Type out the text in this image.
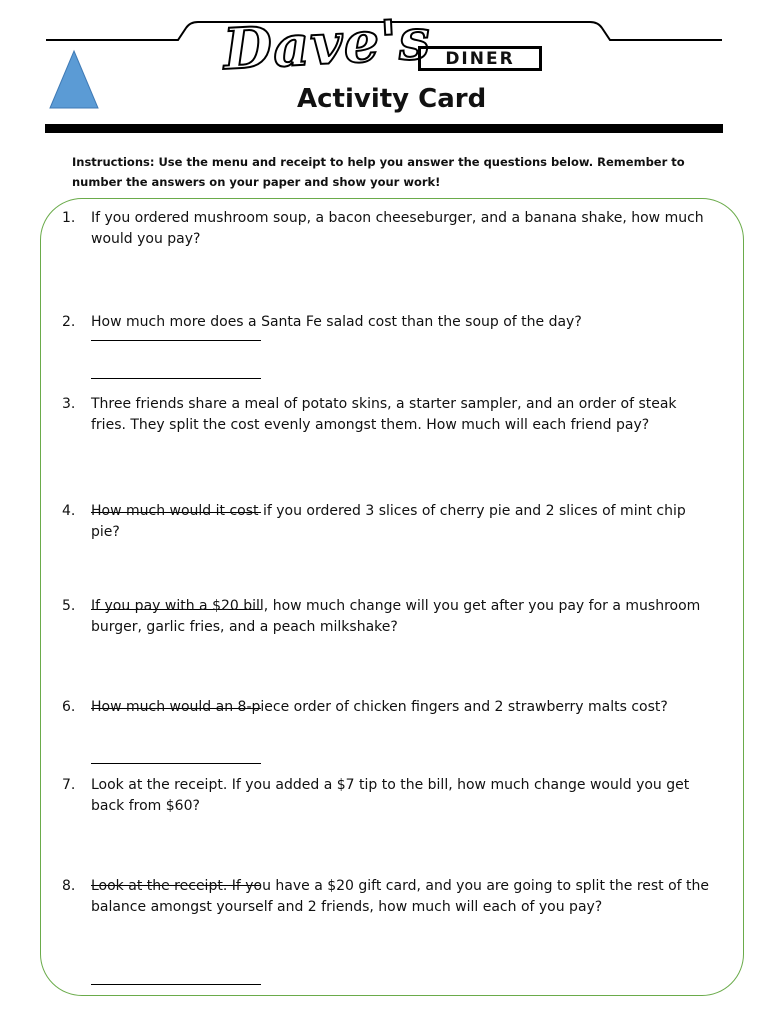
Dave's DINER
Activity Card
Instructions: Use the menu and receipt to help you answer the questions below. Remember to number the answers on your paper and show your work!
1.	If you ordered mushroom soup, a bacon cheeseburger, and a banana shake, how much would you pay?
2.	How much more does a Santa Fe salad cost than the soup of the day?
3.	Three friends share a meal of potato skins, a starter sampler, and an order of steak fries. They split the cost evenly amongst them. How much will each friend pay?
4.	How much would it cost if you ordered 3 slices of cherry pie and 2 slices of mint chip pie?
5.	If you pay with a $20 bill, how much change will you get after you pay for a mushroom burger, garlic fries, and a peach milkshake?
6.	How much would an 8-piece order of chicken fingers and 2 strawberry malts cost?
7.	Look at the receipt. If you added a $7 tip to the bill, how much change would you get back from $60?
8.	Look at the receipt. If you have a $20 gift card, and you are going to split the rest of the balance amongst yourself and 2 friends, how much will each of you pay?
